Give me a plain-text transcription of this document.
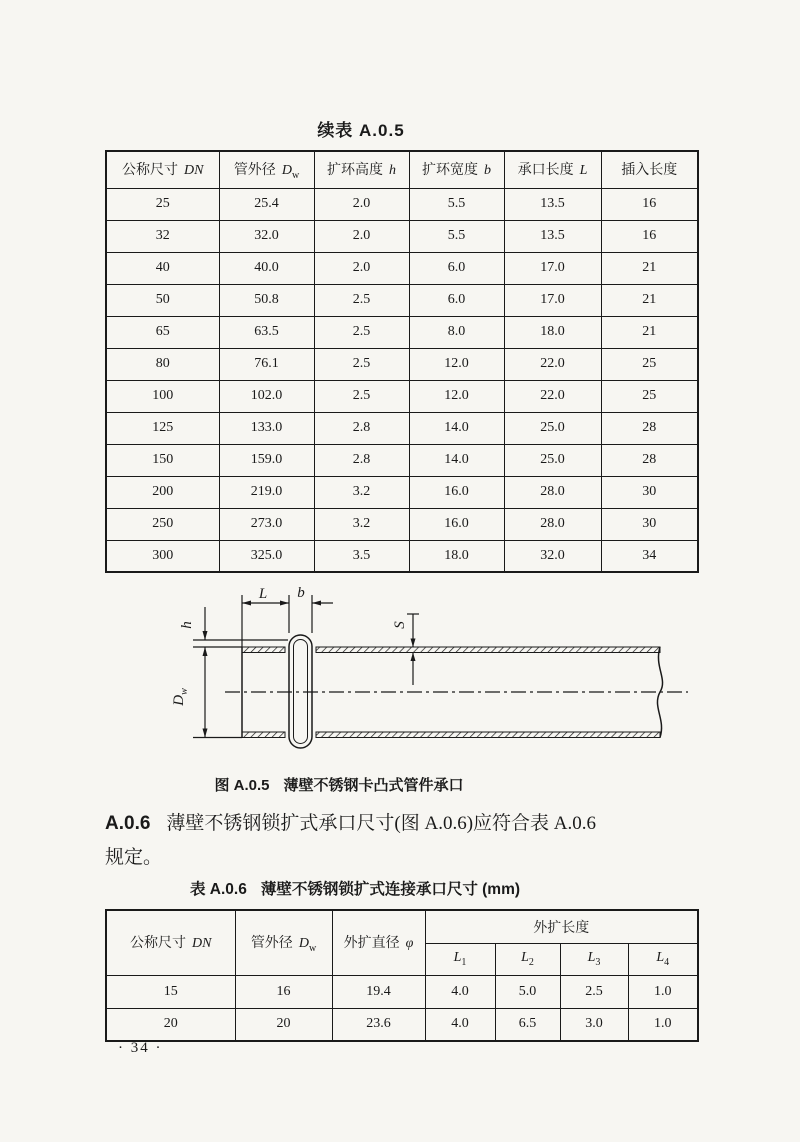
续表 A.0.5
公称尺寸 DN	管外径 $D_w$	扩环高度 h	扩环宽度 b	承口长度 L	插入长度
25	25.4	2.0	5.5	13.5	16
32	32.0	2.0	5.5	13.5	16
40	40.0	2.0	6.0	17.0	21
50	50.8	2.5	6.0	17.0	21
65	63.5	2.5	8.0	18.0	21
80	76.1	2.5	12.0	22.0	25
100	102.0	2.5	12.0	22.0	25
125	133.0	2.8	14.0	25.0	28
150	159.0	2.8	14.0	25.0	28
200	219.0	3.2	16.0	28.0	30
250	273.0	3.2	16.0	28.0	30
300	325.0	3.5	18.0	32.0	34
L b
h
$D_w$
S
图 A.0.5 薄壁不锈钢卡凸式管件承口

A.0.6 薄壁不锈钢锁扩式承口尺寸(图 A.0.6)应符合表 A.0.6
规定。

表 A.0.6 薄壁不锈钢锁扩式连接承口尺寸 (mm)
公称尺寸 DN	管外径 $D_w$	外扩直径 φ	外扩长度			
			$L_1$	$L_2$	$L_3$	$L_4$
15	16	19.4	4.0	5.0	2.5	1.0
20	20	23.6	4.0	6.5	3.0	1.0
· 34 ·
